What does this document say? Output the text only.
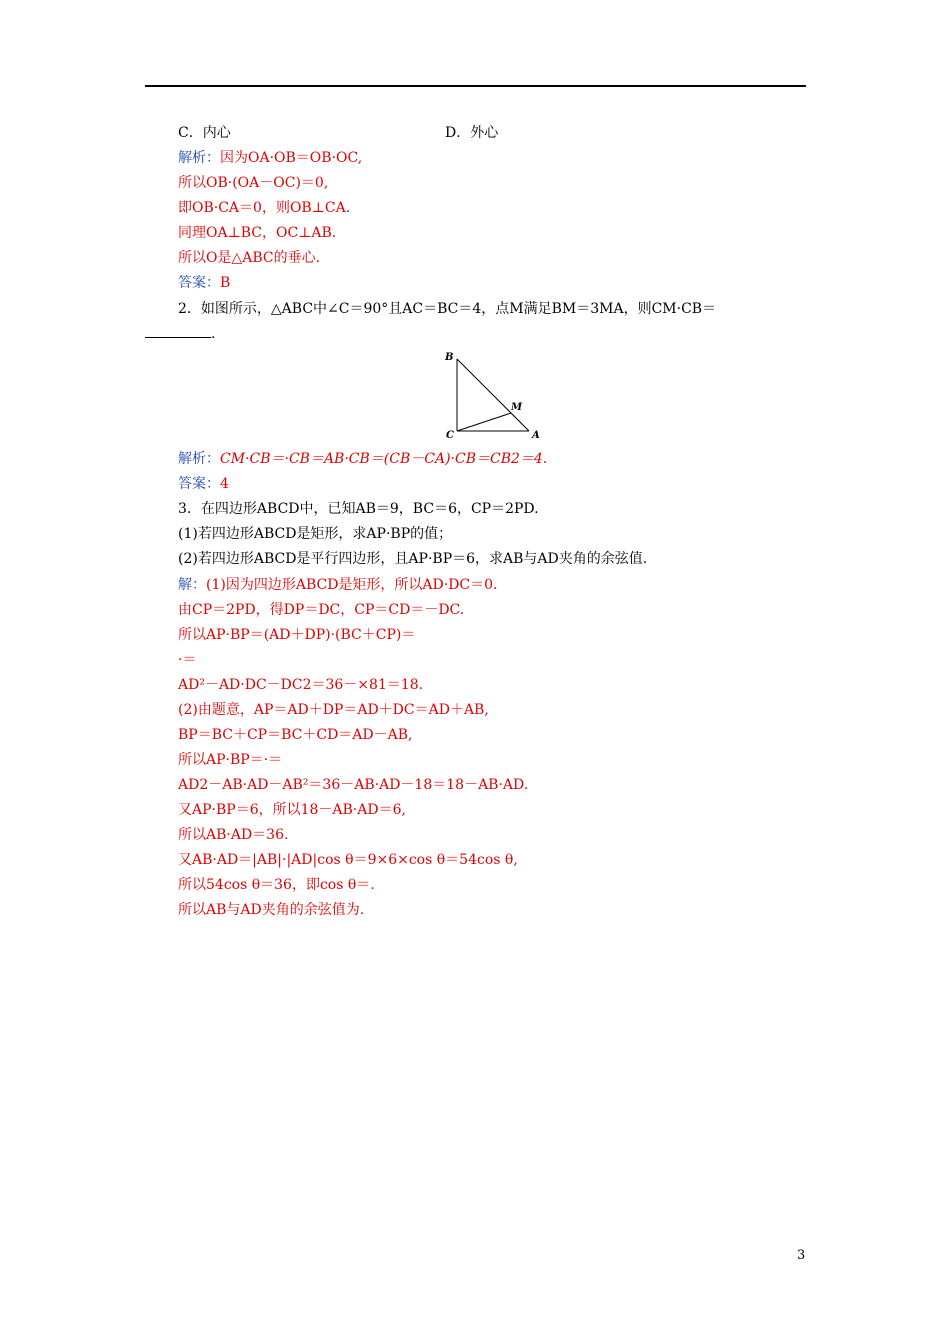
C．内心	D．外心
解析：因为OA·OB＝OB·OC,
所以OB·(OA－OC)＝0,
即OB·CA＝0，则OB⊥CA.
同理OA⊥BC，OC⊥AB.
所以O是△ABC的垂心.
答案：B
2．如图所示，△ABC中∠C＝90°且AC＝BC＝4，点M满足BM＝3MA，则CM·CB＝
.
B
M
C	A
解析：CM·CB＝·CB＝AB·CB＝(CB－CA)·CB＝CB2＝4.
答案：4
3．在四边形ABCD中，已知AB＝9，BC＝6，CP＝2PD.
(1)若四边形ABCD是矩形，求AP·BP的值；
(2)若四边形ABCD是平行四边形，且AP·BP＝6，求AB与AD夹角的余弦值.
解：(1)因为四边形ABCD是矩形，所以AD·DC＝0.
由CP＝2PD，得DP＝DC，CP＝CD＝－DC.
所以AP·BP＝(AD＋DP)·(BC＋CP)＝
·＝
AD²－AD·DC－DC2＝36－×81＝18.
(2)由题意，AP＝AD＋DP＝AD＋DC＝AD＋AB,
BP＝BC＋CP＝BC＋CD＝AD－AB,
所以AP·BP＝·＝
AD2－AB·AD－AB²＝36－AB·AD－18＝18－AB·AD.
又AP·BP＝6，所以18－AB·AD＝6,
所以AB·AD＝36.
又AB·AD＝|AB|·|AD|cos θ＝9×6×cos θ＝54cos θ,
所以54cos θ＝36，即cos θ＝.
所以AB与AD夹角的余弦值为.
3
